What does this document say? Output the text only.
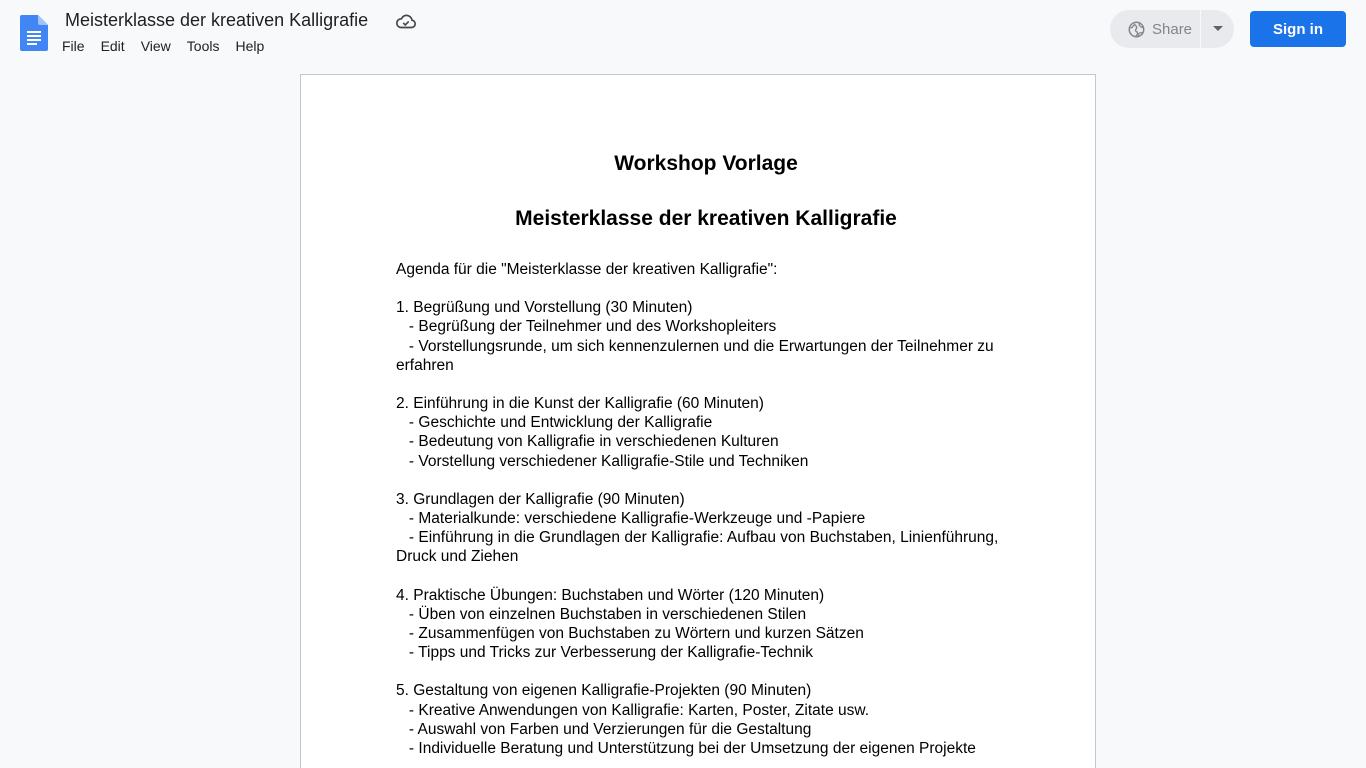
Meisterklasse der kreativen Kalligrafie
File	Edit	View	Tools	Help
Share	Sign in
Workshop Vorlage
Meisterklasse der kreativen Kalligrafie
Agenda für die "Meisterklasse der kreativen Kalligrafie":
1. Begrüßung und Vorstellung (30 Minuten)
- Begrüßung der Teilnehmer und des Workshopleiters
- Vorstellungsrunde, um sich kennenzulernen und die Erwartungen der Teilnehmer zu erfahren
2. Einführung in die Kunst der Kalligrafie (60 Minuten)
- Geschichte und Entwicklung der Kalligrafie
- Bedeutung von Kalligrafie in verschiedenen Kulturen
- Vorstellung verschiedener Kalligrafie-Stile und Techniken
3. Grundlagen der Kalligrafie (90 Minuten)
- Materialkunde: verschiedene Kalligrafie-Werkzeuge und -Papiere
- Einführung in die Grundlagen der Kalligrafie: Aufbau von Buchstaben, Linienführung, Druck und Ziehen
4. Praktische Übungen: Buchstaben und Wörter (120 Minuten)
- Üben von einzelnen Buchstaben in verschiedenen Stilen
- Zusammenfügen von Buchstaben zu Wörtern und kurzen Sätzen
- Tipps und Tricks zur Verbesserung der Kalligrafie-Technik
5. Gestaltung von eigenen Kalligrafie-Projekten (90 Minuten)
- Kreative Anwendungen von Kalligrafie: Karten, Poster, Zitate usw.
- Auswahl von Farben und Verzierungen für die Gestaltung
- Individuelle Beratung und Unterstützung bei der Umsetzung der eigenen Projekte
